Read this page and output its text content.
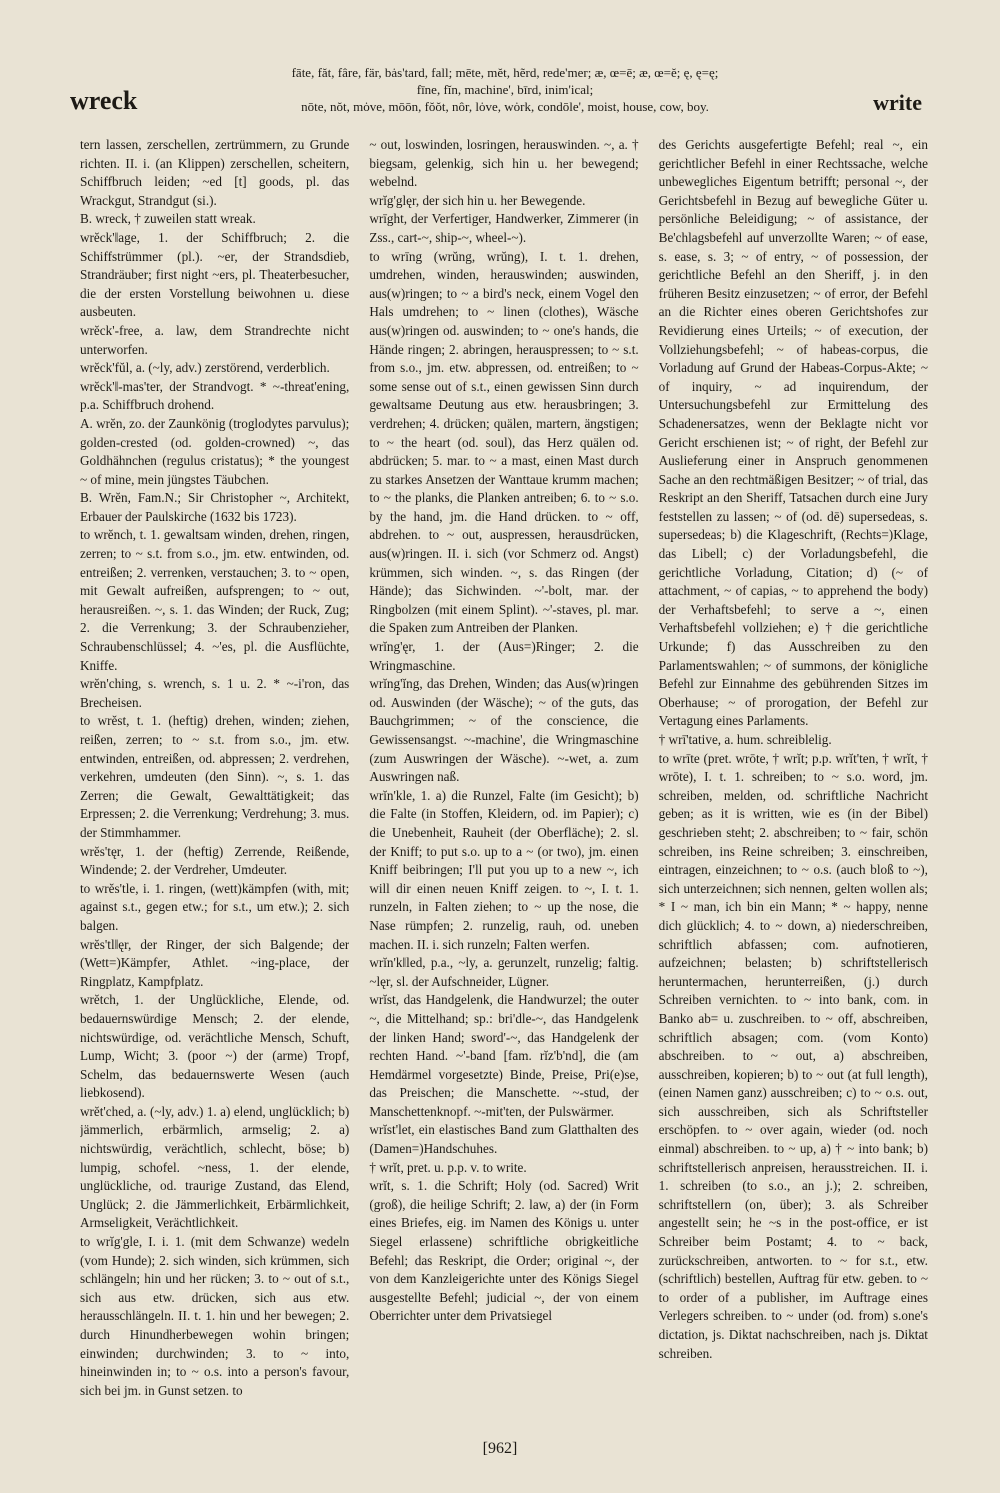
wreck
fāte, făt, fâre, fär, bȧs'tard, fall; mēte, mĕt, hẽrd, rede'mer; æ, œ=ē; æ, œ=ĕ; ę, ę=ę;
fīne, fĭn, machine', bīrd, inim'ical;
nōte, nŏt, mȯve, mōōn, fŏŏt, nôr, lȯve, wȯrk, condōle', moist, house, cow, boy.	write
tern lassen, zerschellen, zertrümmern, zu Grunde richten. II. i. (an Klippen) zerschellen, scheitern, Schiffbruch leiden; ~ed [t] goods, pl. das Wrackgut, Strandgut (si.).
B. wreck, † zuweilen statt wreak.
wrĕck'‖age, 1. der Schiffbruch; 2. die Schiffstrümmer (pl.). ~er, der Strandsdieb, Strandräuber; first night ~ers, pl. Theaterbesucher, die der ersten Vorstellung beiwohnen u. diese ausbeuten.
wrĕck'-free, a. law, dem Strandrechte nicht unterworfen.
wrĕck'fŭl, a. (~ly, adv.) zerstörend, verderblich.
wrĕck'‖-mas'ter, der Strandvogt. * ~-threat'ening, p.a. Schiffbruch drohend.
A. wrĕn, zo. der Zaunkönig (troglodytes parvulus); golden-crested (od. golden-crowned) ~, das Goldhähnchen (regulus cristatus); * the youngest ~ of mine, mein jüngstes Täubchen.
B. Wrĕn, Fam.N.; Sir Christopher ~, Architekt, Erbauer der Paulskirche (1632 bis 1723).
to wrĕnch, t. 1. gewaltsam winden, drehen, ringen, zerren; to ~ s.t. from s.o., jm. etw. entwinden, od. entreißen; 2. verrenken, verstauchen; 3. to ~ open, mit Gewalt aufreißen, aufsprengen; to ~ out, herausreißen. ~, s. 1. das Winden; der Ruck, Zug; 2. die Verrenkung; 3. der Schraubenzieher, Schraubenschlüssel; 4. ~'es, pl. die Ausflüchte, Kniffe.
wrĕn'ching, s. wrench, s. 1 u. 2. * ~-i'ron, das Brecheisen.
to wrĕst, t. 1. (heftig) drehen, winden; ziehen, reißen, zerren; to ~ s.t. from s.o., jm. etw. entwinden, entreißen, od. abpressen; 2. verdrehen, verkehren, umdeuten (den Sinn). ~, s. 1. das Zerren; die Gewalt, Gewalttätigkeit; das Erpressen; 2. die Verrenkung; Verdrehung; 3. mus. der Stimmhammer.
wrĕs'tęr, 1. der (heftig) Zerrende, Reißende, Windende; 2. der Verdreher, Umdeuter.
to wrĕs'tle, i. 1. ringen, (wett)kämpfen (with, mit; against s.t., gegen etw.; for s.t., um etw.); 2. sich balgen.
wrĕs'tl‖ęr, der Ringer, der sich Balgende; der (Wett=)Kämpfer, Athlet. ~ing-place, der Ringplatz, Kampfplatz.
wrĕtch, 1. der Unglückliche, Elende, od. bedauernswürdige Mensch; 2. der elende, nichtswürdige, od. verächtliche Mensch, Schuft, Lump, Wicht; 3. (poor ~) der (arme) Tropf, Schelm, das bedauernswerte Wesen (auch liebkosend).
wrĕt'ched, a. (~ly, adv.) 1. a) elend, unglücklich; b) jämmerlich, erbärmlich, armselig; 2. a) nichtswürdig, verächtlich, schlecht, böse; b) lumpig, schofel. ~ness, 1. der elende, unglückliche, od. traurige Zustand, das Elend, Unglück; 2. die Jämmerlichkeit, Erbärmlichkeit, Armseligkeit, Verächtlichkeit.
to wrĭg'gle, I. i. 1. (mit dem Schwanze) wedeln (vom Hunde); 2. sich winden, sich krümmen, sich schlängeln; hin und her rücken; 3. to ~ out of s.t., sich aus etw. drücken, sich aus etw. herausschlängeln. II. t. 1. hin und her bewegen; 2. durch Hinundherbewegen wohin bringen; einwinden; durchwinden; 3. to ~ into, hineinwinden in; to ~ o.s. into a person's favour, sich bei jm. in Gunst setzen. to
~ out, loswinden, losringen, herauswinden. ~, a. † biegsam, gelenkig, sich hin u. her bewegend; webelnd.
wrĭg'glęr, der sich hin u. her Bewegende.
wrīght, der Verfertiger, Handwerker, Zimmerer (in Zss., cart-~, ship-~, wheel-~).
to wrīng (wrŭng, wrŭng), I. t. 1. drehen, umdrehen, winden, herauswinden; auswinden, aus(w)ringen; to ~ a bird's neck, einem Vogel den Hals umdrehen; to ~ linen (clothes), Wäsche aus(w)ringen od. auswinden; to ~ one's hands, die Hände ringen; 2. abringen, herauspressen; to ~ s.t. from s.o., jm. etw. abpressen, od. entreißen; to ~ some sense out of s.t., einen gewissen Sinn durch gewaltsame Deutung aus etw. herausbringen; 3. verdrehen; 4. drücken; quälen, martern, ängstigen; to ~ the heart (od. soul), das Herz quälen od. abdrücken; 5. mar. to ~ a mast, einen Mast durch zu starkes Ansetzen der Wanttaue krumm machen; to ~ the planks, die Planken antreiben; 6. to ~ s.o. by the hand, jm. die Hand drücken. to ~ off, abdrehen. to ~ out, auspressen, herausdrücken, aus(w)ringen. II. i. sich (vor Schmerz od. Angst) krümmen, sich winden. ~, s. das Ringen (der Hände); das Sichwinden. ~'-bolt, mar. der Ringbolzen (mit einem Splint). ~'-staves, pl. mar. die Spaken zum Antreiben der Planken.
wrĭng'ęr, 1. der (Aus=)Ringer; 2. die Wringmaschine.
wrĭng'ĭng, das Drehen, Winden; das Aus(w)ringen od. Auswinden (der Wäsche); ~ of the guts, das Bauchgrimmen; ~ of the conscience, die Gewissensangst. ~-machine', die Wringmaschine (zum Auswringen der Wäsche). ~-wet, a. zum Auswringen naß.
wrĭn'kle, 1. a) die Runzel, Falte (im Gesicht); b) die Falte (in Stoffen, Kleidern, od. im Papier); c) die Unebenheit, Rauheit (der Oberfläche); 2. sl. der Kniff; to put s.o. up to a ~ (or two), jm. einen Kniff beibringen; I'll put you up to a new ~, ich will dir einen neuen Kniff zeigen. to ~, I. t. 1. runzeln, in Falten ziehen; to ~ up the nose, die Nase rümpfen; 2. runzelig, rauh, od. uneben machen. II. i. sich runzeln; Falten werfen.
wrĭn'k‖led, p.a., ~ly, a. gerunzelt, runzelig; faltig. ~lęr, sl. der Aufschneider, Lügner.
wrĭst, das Handgelenk, die Handwurzel; the outer ~, die Mittelhand; sp.: bri'dle-~, das Handgelenk der linken Hand; sword'-~, das Handgelenk der rechten Hand. ~'-band [fam. rĭz'b'nd], die (am Hemdärmel vorgesetzte) Binde, Preise, Pri(e)se, das Preischen; die Manschette. ~-stud, der Manschettenknopf. ~-mit'ten, der Pulswärmer.
wrĭst'let, ein elastisches Band zum Glatthalten des (Damen=)Handschuhes.
† wrĭt, pret. u. p.p. v. to write.
wrĭt, s. 1. die Schrift; Holy (od. Sacred) Writ (groß), die heilige Schrift; 2. law, a) der (in Form eines Briefes, eig. im Namen des Königs u. unter Siegel erlassene) schriftliche obrigkeitliche Befehl; das Reskript, die Order; original ~, der von dem Kanzleigerichte unter des Königs Siegel ausgestellte Befehl; judicial ~, der von einem Oberrichter unter dem Privatsiegel
des Gerichts ausgefertigte Befehl; real ~, ein gerichtlicher Befehl in einer Rechtssache, welche unbewegliches Eigentum betrifft; personal ~, der Gerichtsbefehl in Bezug auf bewegliche Güter u. persönliche Beleidigung; ~ of assistance, der Be'chlagsbefehl auf unverzollte Waren; ~ of ease, s. ease, s. 3; ~ of entry, ~ of possession, der gerichtliche Befehl an den Sheriff, j. in den früheren Besitz einzusetzen; ~ of error, der Befehl an die Richter eines oberen Gerichtshofes zur Revidierung eines Urteils; ~ of execution, der Vollziehungsbefehl; ~ of habeas-corpus, die Vorladung auf Grund der Habeas-Corpus-Akte; ~ of inquiry, ~ ad inquirendum, der Untersuchungsbefehl zur Ermittelung des Schadenersatzes, wenn der Beklagte nicht vor Gericht erschienen ist; ~ of right, der Befehl zur Auslieferung einer in Anspruch genommenen Sache an den rechtmäßigen Besitzer; ~ of trial, das Reskript an den Sheriff, Tatsachen durch eine Jury feststellen zu lassen; ~ of (od. dē) supersedeas, s. supersedeas; b) die Klageschrift, (Rechts=)Klage, das Libell; c) der Vorladungsbefehl, die gerichtliche Vorladung, Citation; d) (~ of attachment, ~ of capias, ~ to apprehend the body) der Verhaftsbefehl; to serve a ~, einen Verhaftsbefehl vollziehen; e) † die gerichtliche Urkunde; f) das Ausschreiben zu den Parlamentswahlen; ~ of summons, der königliche Befehl zur Einnahme des gebührenden Sitzes im Oberhause; ~ of prorogation, der Befehl zur Vertagung eines Parlaments.
† wrī'tative, a. hum. schreiblelig.
to wrīte (pret. wrōte, † wrĭt; p.p. wrĭt'ten, † wrĭt, † wrōte), I. t. 1. schreiben; to ~ s.o. word, jm. schreiben, melden, od. schriftliche Nachricht geben; as it is written, wie es (in der Bibel) geschrieben steht; 2. abschreiben; to ~ fair, schön schreiben, ins Reine schreiben; 3. einschreiben, eintragen, einzeichnen; to ~ o.s. (auch bloß to ~), sich unterzeichnen; sich nennen, gelten wollen als; * I ~ man, ich bin ein Mann; * ~ happy, nenne dich glücklich; 4. to ~ down, a) niederschreiben, schriftlich abfassen; com. aufnotieren, aufzeichnen; belasten; b) schriftstellerisch heruntermachen, herunterreißen, (j.) durch Schreiben vernichten. to ~ into bank, com. in Banko ab= u. zuschreiben. to ~ off, abschreiben, schriftlich absagen; com. (vom Konto) abschreiben. to ~ out, a) abschreiben, ausschreiben, kopieren; b) to ~ out (at full length), (einen Namen ganz) ausschreiben; c) to ~ o.s. out, sich ausschreiben, sich als Schriftsteller erschöpfen. to ~ over again, wieder (od. noch einmal) abschreiben. to ~ up, a) † ~ into bank; b) schriftstellerisch anpreisen, herausstreichen. II. i. 1. schreiben (to s.o., an j.); 2. schreiben, schriftstellern (on, über); 3. als Schreiber angestellt sein; he ~s in the post-office, er ist Schreiber beim Postamt; 4. to ~ back, zurückschreiben, antworten. to ~ for s.t., etw. (schriftlich) bestellen, Auftrag für etw. geben. to ~ to order of a publisher, im Auftrage eines Verlegers schreiben. to ~ under (od. from) s.one's dictation, js. Diktat nachschreiben, nach js. Diktat schreiben.
[962]
